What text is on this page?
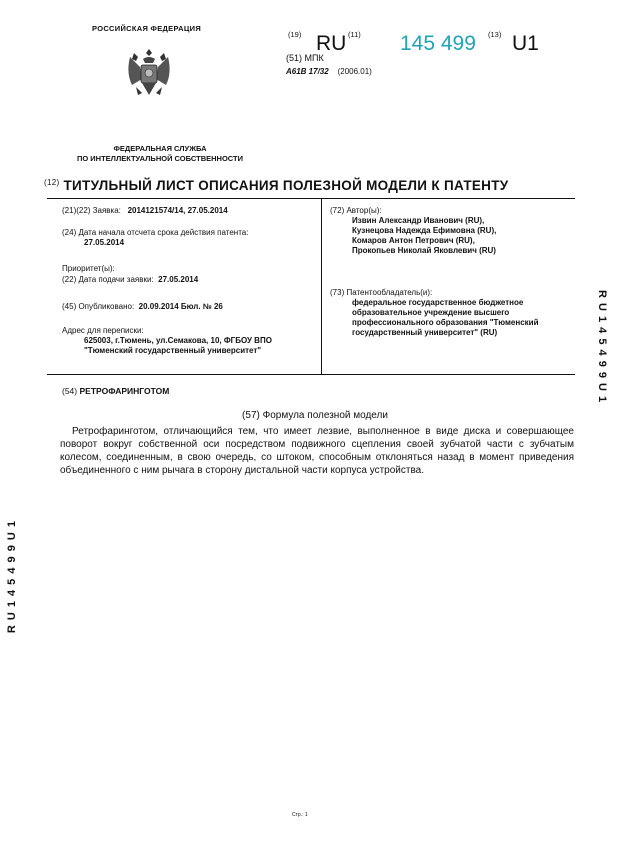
РОССИЙСКАЯ ФЕДЕРАЦИЯ
ФЕДЕРАЛЬНАЯ СЛУЖБА
ПО ИНТЕЛЛЕКТУАЛЬНОЙ СОБСТВЕННОСТИ
(19) RU (11) 145 499 (13) U1
(51) МПК
A61B 17/32 (2006.01)
$^{(12)}$ ТИТУЛЬНЫЙ ЛИСТ ОПИСАНИЯ ПОЛЕЗНОЙ МОДЕЛИ К ПАТЕНТУ
(21)(22) Заявка: 2014121574/14, 27.05.2014
(24) Дата начала отсчета срока действия патента:
27.05.2014
Приоритет(ы):
(22) Дата подачи заявки: 27.05.2014
(45) Опубликовано: 20.09.2014 Бюл. № 26
Адрес для переписки:
625003, г.Тюмень, ул.Семакова, 10, ФГБОУ ВПО
"Тюменский государственный университет"
(72) Автор(ы):
Извин Александр Иванович (RU),
Кузнецова Надежда Ефимовна (RU),
Комаров Антон Петрович (RU),
Прокопьев Николай Яковлевич (RU)
(73) Патентообладатель(и):
федеральное государственное бюджетное
образовательное учреждение высшего
профессионального образования "Тюменский
государственный университет" (RU)
(54) РЕТРОФАРИНГОТОМ
(57) Формула полезной модели
Ретрофаринготом, отличающийся тем, что имеет лезвие, выполненное в виде диска и совершающее поворот вокруг собственной оси посредством подвижного сцепления своей зубчатой части с зубчатым колесом, соединенным, в свою очередь, со штоком, способным отклоняться назад в момент приведения объединенного с ним рычага в сторону дистальной части корпуса устройства.
R U 1 4 5 4 9 9 U 1
R U 1 4 5 4 9 9 U 1
Стр.: 1
